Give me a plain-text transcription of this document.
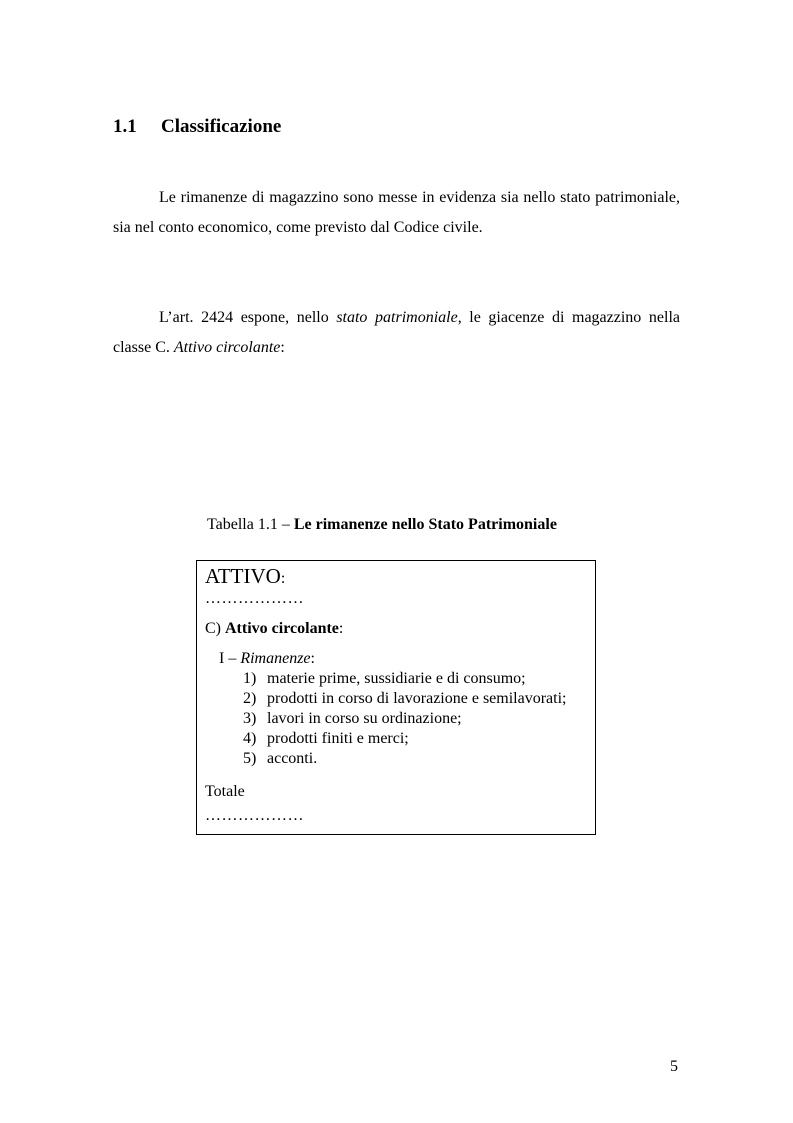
1.1 Classificazione

Le rimanenze di magazzino sono messe in evidenza sia nello stato patrimoniale, sia nel conto economico, come previsto dal Codice civile.

L’art. 2424 espone, nello stato patrimoniale, le giacenze di magazzino nella classe C. Attivo circolante:

Tabella 1.1 – Le rimanenze nello Stato Patrimoniale
ATTIVO:
………………
C) Attivo circolante:
I – Rimanenze:
1) materie prime, sussidiarie e di consumo;
2) prodotti in corso di lavorazione e semilavorati;
3) lavori in corso su ordinazione;
4) prodotti finiti e merci;
5) acconti.
Totale
………………
5
